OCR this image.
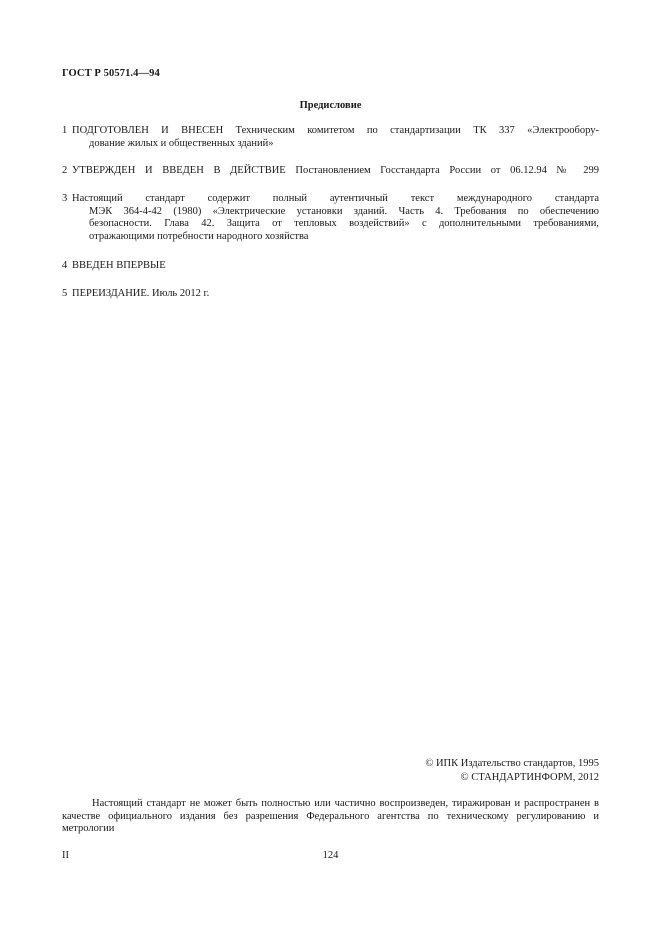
ГОСТ Р 50571.4—94
Предисловие
1 ПОДГОТОВЛЕН И ВНЕСЕН Техническим комитетом по стандартизации ТК 337 «Электрообору-
дование жилых и общественных зданий»
2 УТВЕРЖДЕН И ВВЕДЕН В ДЕЙСТВИЕ Постановлением Госстандарта России от 06.12.94 № 299
3 Настоящий стандарт содержит полный аутентичный текст международного стандарта
МЭК 364-4-42 (1980) «Электрические установки зданий. Часть 4. Требования по обеспечению
безопасности. Глава 42. Защита от тепловых воздействий» с дополнительными требованиями,
отражающими потребности народного хозяйства
4 ВВЕДЕН ВПЕРВЫЕ
5 ПЕРЕИЗДАНИЕ. Июль 2012 г.
© ИПК Издательство стандартов, 1995
© СТАНДАРТИНФОРМ, 2012
Настоящий стандарт не может быть полностью или частично воспроизведен, тиражирован и распространен в качестве официального издания без разрешения Федерального агентства по техническому регулированию и метрологии
II	124
